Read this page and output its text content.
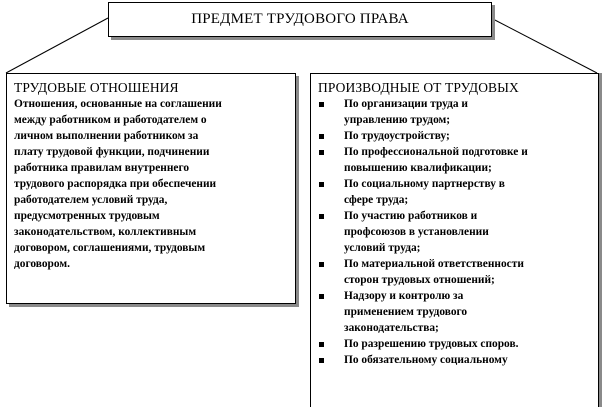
ПРЕДМЕТ ТРУДОВОГО ПРАВА
ТРУДОВЫЕ ОТНОШЕНИЯ
Отношения, основанные на соглашении
между работником и работодателем о
личном выполнении работником за
плату трудовой функции, подчинении
работника правилам внутреннего
трудового распорядка при обеспечении
работодателем условий труда,
предусмотренных трудовым
законодательством, коллективным
договором, соглашениями, трудовым
договором.
ПРОИЗВОДНЫЕ ОТ ТРУДОВЫХ
По организации труда и
управлению трудом;
По трудоустройству;
По профессиональной подготовке и
повышению квалификации;
По социальному партнерству в
сфере труда;
По участию работников и
профсоюзов в установлении
условий труда;
По материальной ответственности
сторон трудовых отношений;
Надзору и контролю за
применением трудового
законодательства;
По разрешению трудовых споров.
По обязательному социальному
